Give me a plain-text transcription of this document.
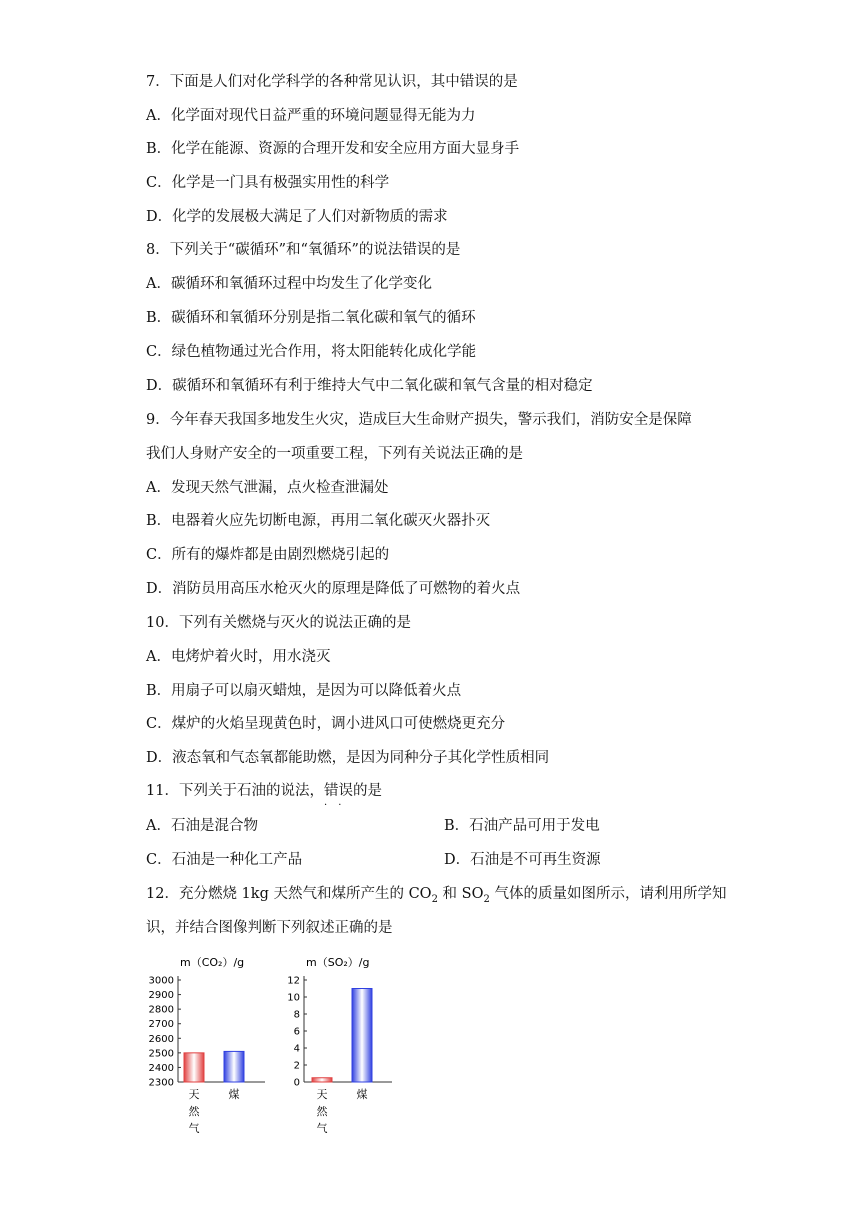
7．下面是人们对化学科学的各种常见认识，其中错误的是
A．化学面对现代日益严重的环境问题显得无能为力
B．化学在能源、资源的合理开发和安全应用方面大显身手
C．化学是一门具有极强实用性的科学
D．化学的发展极大满足了人们对新物质的需求
8．下列关于“碳循环”和“氧循环”的说法错误的是
A．碳循环和氧循环过程中均发生了化学变化
B．碳循环和氧循环分别是指二氧化碳和氧气的循环
C．绿色植物通过光合作用，将太阳能转化成化学能
D．碳循环和氧循环有利于维持大气中二氧化碳和氧气含量的相对稳定
9．今年春天我国多地发生火灾，造成巨大生命财产损失，警示我们，消防安全是保障
我们人身财产安全的一项重要工程，下列有关说法正确的是
A．发现天然气泄漏，点火检查泄漏处
B．电器着火应先切断电源，再用二氧化碳灭火器扑灭
C．所有的爆炸都是由剧烈燃烧引起的
D．消防员用高压水枪灭火的原理是降低了可燃物的着火点
10．下列有关燃烧与灭火的说法正确的是
A．电烤炉着火时，用水浇灭
B．用扇子可以扇灭蜡烛，是因为可以降低着火点
C．煤炉的火焰呈现黄色时，调小进风口可使燃烧更充分
D．液态氧和气态氧都能助燃，是因为同种分子其化学性质相同
11．下列关于石油的说法，错误 · ·的是
A．石油是混合物	B．石油产品可用于发电
C．石油是一种化工产品	D．石油是不可再生资源
12．充分燃烧 1kg 天然气和煤所产生的 $CO_2$ 和 $SO_2$ 气体的质量如图所示，请利用所学知
识，并结合图像判断下列叙述正确的是
m（CO₂）/g
3000
2900
2800
2700
2600
2500
2400
2300
天
然
气
煤
m（SO₂）/g
12
10
8
6
4
2
0
天
然
气
煤
